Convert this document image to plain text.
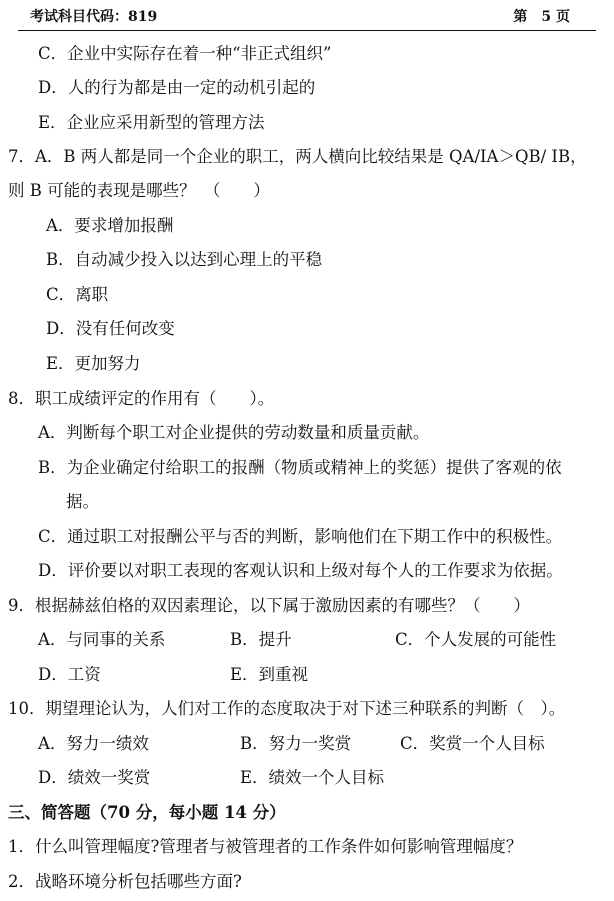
考试科目代码：819	第　5 页
C．企业中实际存在着一种“非正式组织”
D．人的行为都是由一定的动机引起的
E．企业应采用新型的管理方法
7．A．B 两人都是同一个企业的职工，两人横向比较结果是 QA/IA＞QB/ IB，
则 B 可能的表现是哪些？　（　　）
A．要求增加报酬
B．自动减少投入以达到心理上的平稳
C．离职
D．没有任何改变
E．更加努力
8．职工成绩评定的作用有（　　）。
A．判断每个职工对企业提供的劳动数量和质量贡献。
B．为企业确定付给职工的报酬（物质或精神上的奖惩）提供了客观的依
据。
C．通过职工对报酬公平与否的判断，影响他们在下期工作中的积极性。
D．评价要以对职工表现的客观认识和上级对每个人的工作要求为依据。
9．根据赫兹伯格的双因素理论，以下属于激励因素的有哪些？（　　）
A．与同事的关系	B．提升	C．个人发展的可能性
D．工资	E．到重视
10．期望理论认为，人们对工作的态度取决于对下述三种联系的判断（　）。
A．努力一绩效	B．努力一奖赏	C．奖赏一个人目标
D．绩效一奖赏	E．绩效一个人目标
三、简答题（70 分，每小题 14 分）
1．什么叫管理幅度?管理者与被管理者的工作条件如何影响管理幅度？
2．战略环境分析包括哪些方面?
